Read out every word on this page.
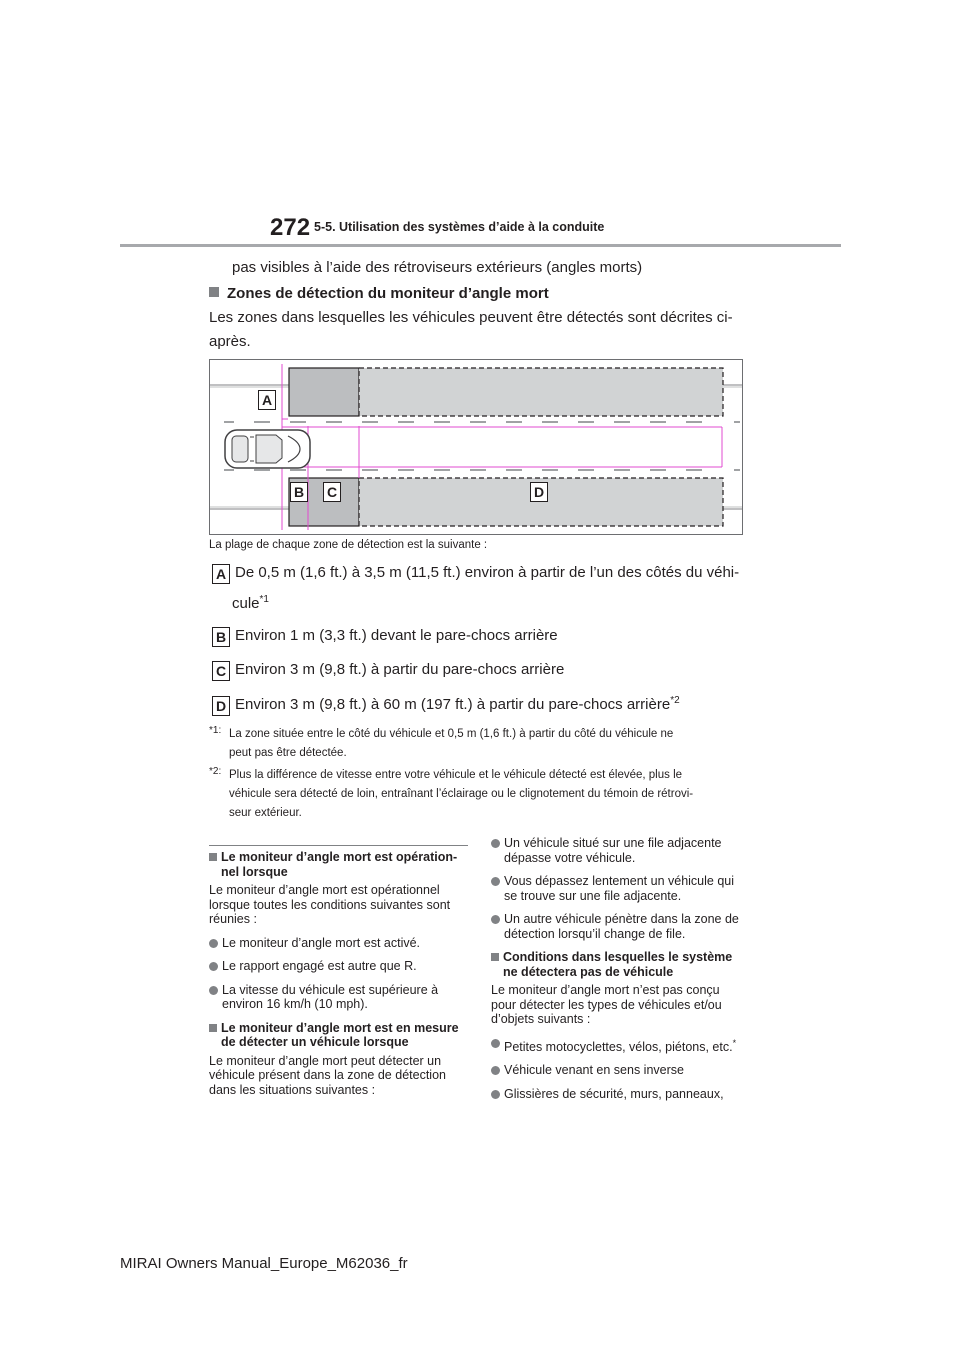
272 5-5. Utilisation des systèmes d’aide à la conduite
pas visibles à l’aide des rétroviseurs extérieurs (angles morts)
Zones de détection du moniteur d’angle mort
Les zones dans lesquelles les véhicules peuvent être détectés sont décrites ci-
après.
A
B C	D
La plage de chaque zone de détection est la suivante :
A De 0,5 m (1,6 ft.) à 3,5 m (11,5 ft.) environ à partir de l’un des côtés du véhi-
cule$^{*1}$
B Environ 1 m (3,3 ft.) devant le pare-chocs arrière
C Environ 3 m (9,8 ft.) à partir du pare-chocs arrière
D Environ 3 m (9,8 ft.) à 60 m (197 ft.) à partir du pare-chocs arrière$^{*2}$
*1: La zone située entre le côté du véhicule et 0,5 m (1,6 ft.) à partir du côté du véhicule ne
peut pas être détectée.
*2: Plus la différence de vitesse entre votre véhicule et le véhicule détecté est élevée, plus le
véhicule sera détecté de loin, entraînant l’éclairage ou le clignotement du témoin de rétrovi-
seur extérieur.
Le moniteur d’angle mort est opération-
nel lorsque
Le moniteur d’angle mort est opérationnel
lorsque toutes les conditions suivantes sont
réunies :
Le moniteur d’angle mort est activé.
Le rapport engagé est autre que R.
La vitesse du véhicule est supérieure à
environ 16 km/h (10 mph).
Le moniteur d’angle mort est en mesure
de détecter un véhicule lorsque
Le moniteur d’angle mort peut détecter un
véhicule présent dans la zone de détection
dans les situations suivantes :
Un véhicule situé sur une file adjacente
dépasse votre véhicule.
Vous dépassez lentement un véhicule qui
se trouve sur une file adjacente.
Un autre véhicule pénètre dans la zone de
détection lorsqu’il change de file.
Conditions dans lesquelles le système
ne détectera pas de véhicule
Le moniteur d’angle mort n’est pas conçu
pour détecter les types de véhicules et/ou
d’objets suivants :
Petites motocyclettes, vélos, piétons, etc.*
Véhicule venant en sens inverse
Glissières de sécurité, murs, panneaux,
MIRAI Owners Manual_Europe_M62036_fr
